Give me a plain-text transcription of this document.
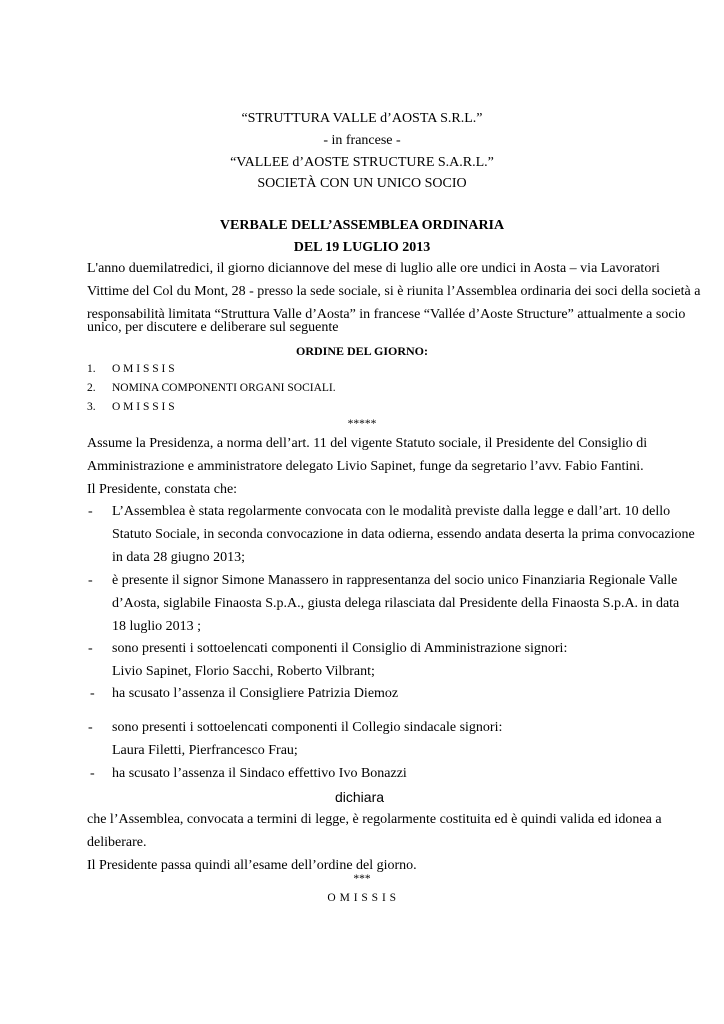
“STRUTTURA VALLE d’AOSTA S.R.L.”
- in francese -
“VALLEE d’AOSTE STRUCTURE S.A.R.L.”
SOCIETÀ CON UN UNICO SOCIO
VERBALE DELL’ASSEMBLEA ORDINARIA
DEL 19 LUGLIO 2013
L'anno duemilatredici, il giorno diciannove del mese di luglio alle ore undici in Aosta – via Lavoratori
Vittime del Col du Mont, 28 - presso la sede sociale, si è riunita l’Assemblea ordinaria dei soci della società a
responsabilità limitata “Struttura Valle d’Aosta” in francese “Vallée d’Aoste Structure” attualmente a socio
unico, per discutere e deliberare sul seguente
ORDINE DEL GIORNO:
1. O M I S S I S
2. NOMINA COMPONENTI ORGANI SOCIALI.
3. O M I S S I S
*****
Assume la Presidenza, a norma dell’art. 11 del vigente Statuto sociale, il Presidente del Consiglio di
Amministrazione e amministratore delegato Livio Sapinet, funge da segretario l’avv. Fabio Fantini.
Il Presidente, constata che:
- L’Assemblea è stata regolarmente convocata con le modalità previste dalla legge e dall’art. 10 dello
Statuto Sociale, in seconda convocazione in data odierna, essendo andata deserta la prima convocazione
in data 28 giugno 2013;
- è presente il signor Simone Manassero in rappresentanza del socio unico Finanziaria Regionale Valle
d’Aosta, siglabile Finaosta S.p.A., giusta delega rilasciata dal Presidente della Finaosta S.p.A. in data
18 luglio 2013 ;
- sono presenti i sottoelencati componenti il Consiglio di Amministrazione signori:
Livio Sapinet, Florio Sacchi, Roberto Vilbrant;
- ha scusato l’assenza il Consigliere Patrizia Diemoz
- sono presenti i sottoelencati componenti il Collegio sindacale signori:
Laura Filetti, Pierfrancesco Frau;
- ha scusato l’assenza il Sindaco effettivo Ivo Bonazzi
dichiara
che l’Assemblea, convocata a termini di legge, è regolarmente costituita ed è quindi valida ed idonea a
deliberare.
Il Presidente passa quindi all’esame dell’ordine del giorno.
***
O M I S S I S
